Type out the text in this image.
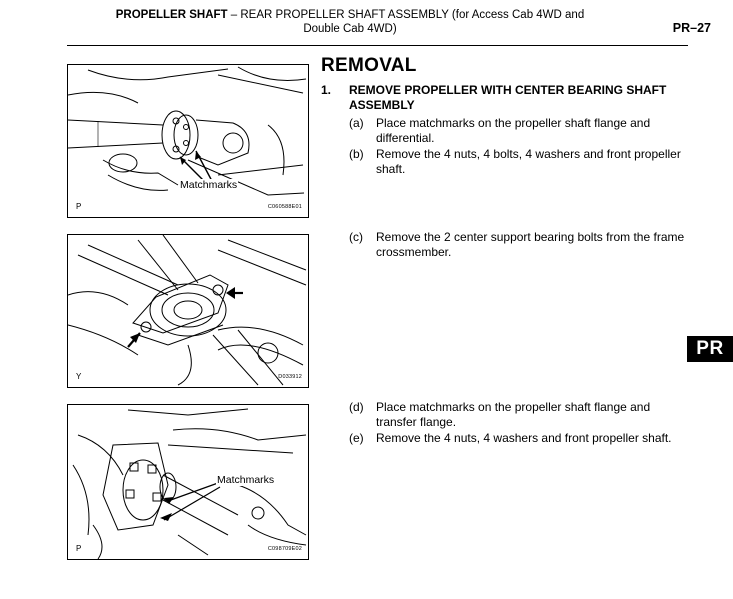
PROPELLER SHAFT – REAR PROPELLER SHAFT ASSEMBLY (for Access Cab 4WD and
Double Cab 4WD)	PR–27
Matchmarks
P	C060588E01
Y	D033912
Matchmarks
P	C098709E02
REMOVAL
1. REMOVE PROPELLER WITH CENTER BEARING SHAFT ASSEMBLY
(a) Place matchmarks on the propeller shaft flange and differential.
(b) Remove the 4 nuts, 4 bolts, 4 washers and front propeller shaft.
(c) Remove the 2 center support bearing bolts from the frame crossmember.
(d) Place matchmarks on the propeller shaft flange and transfer flange.
(e) Remove the 4 nuts, 4 washers and front propeller shaft.
PR
